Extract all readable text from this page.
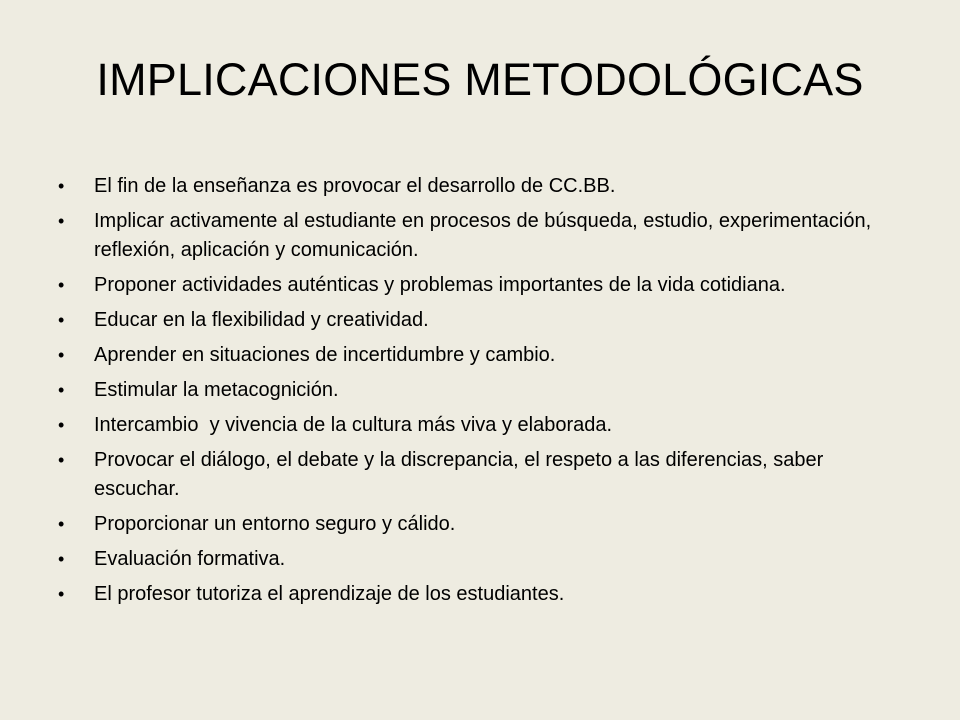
IMPLICACIONES METODOLÓGICAS
•	El fin de la enseñanza es provocar el desarrollo de CC.BB.
•	Implicar activamente al estudiante en procesos de búsqueda, estudio, experimentación, reflexión, aplicación y comunicación.
•	Proponer actividades auténticas y problemas importantes de la vida cotidiana.
•	Educar en la flexibilidad y creatividad.
•	Aprender en situaciones de incertidumbre y cambio.
•	Estimular la metacognición.
•	Intercambio  y vivencia de la cultura más viva y elaborada.
•	Provocar el diálogo, el debate y la discrepancia, el respeto a las diferencias, saber escuchar.
•	Proporcionar un entorno seguro y cálido.
•	Evaluación formativa.
•	El profesor tutoriza el aprendizaje de los estudiantes.
